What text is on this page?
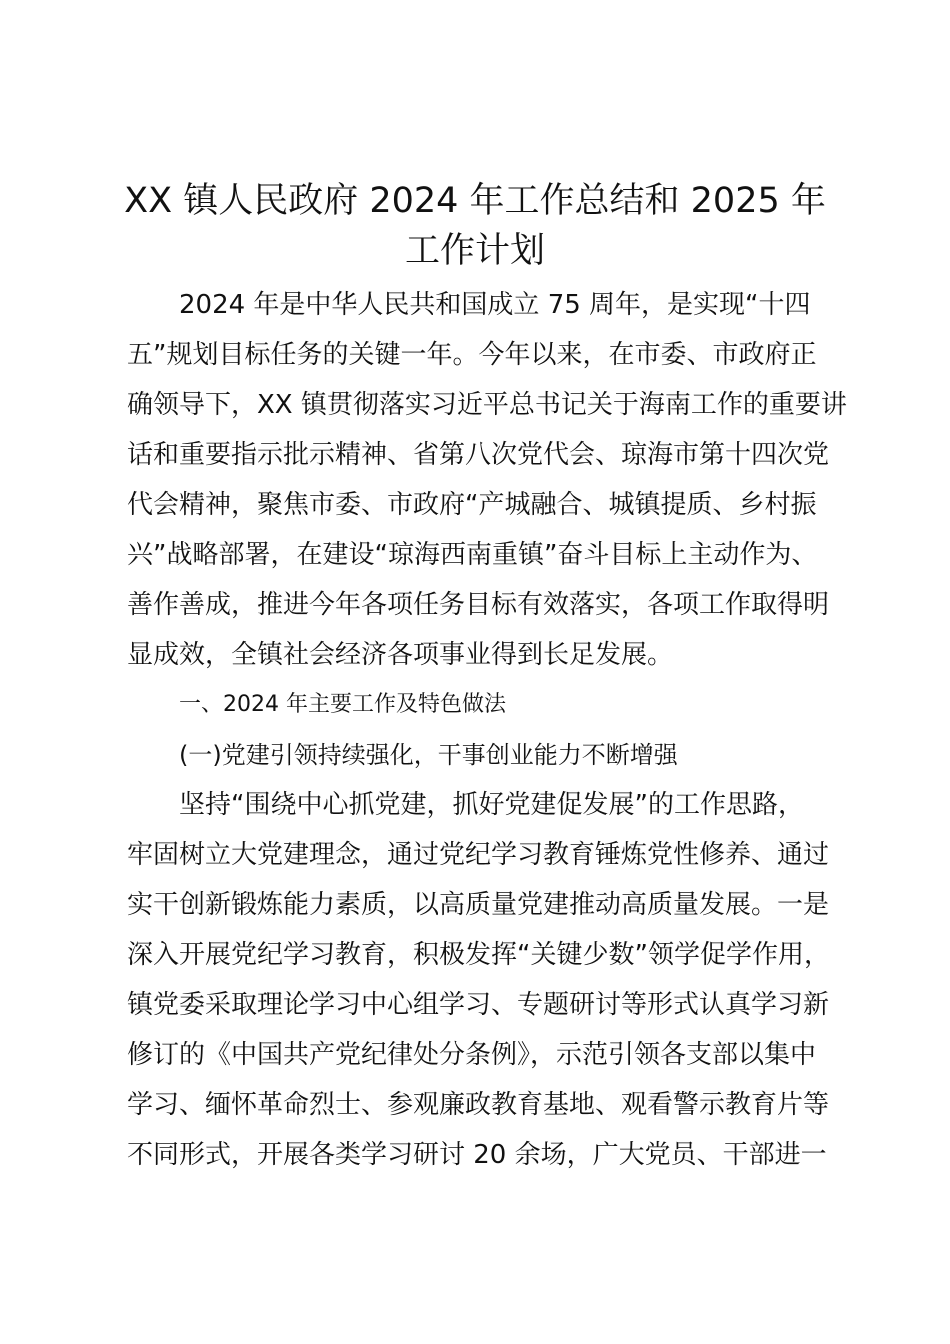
XX 镇人民政府 2024 年工作总结和 2025 年
工作计划
2024 年是中华人民共和国成立 75 周年，是实现“十四
五”规划目标任务的关键一年。今年以来，在市委、市政府正
确领导下，XX 镇贯彻落实习近平总书记关于海南工作的重要讲
话和重要指示批示精神、省第八次党代会、琼海市第十四次党
代会精神，聚焦市委、市政府“产城融合、城镇提质、乡村振
兴”战略部署，在建设“琼海西南重镇”奋斗目标上主动作为、
善作善成，推进今年各项任务目标有效落实，各项工作取得明
显成效，全镇社会经济各项事业得到长足发展。
一、2024 年主要工作及特色做法
(一)党建引领持续强化，干事创业能力不断增强
坚持“围绕中心抓党建，抓好党建促发展”的工作思路，
牢固树立大党建理念，通过党纪学习教育锤炼党性修养、通过
实干创新锻炼能力素质，以高质量党建推动高质量发展。一是
深入开展党纪学习教育，积极发挥“关键少数”领学促学作用，
镇党委采取理论学习中心组学习、专题研讨等形式认真学习新
修订的《中国共产党纪律处分条例》，示范引领各支部以集中
学习、缅怀革命烈士、参观廉政教育基地、观看警示教育片等
不同形式，开展各类学习研讨 20 余场，广大党员、干部进一
